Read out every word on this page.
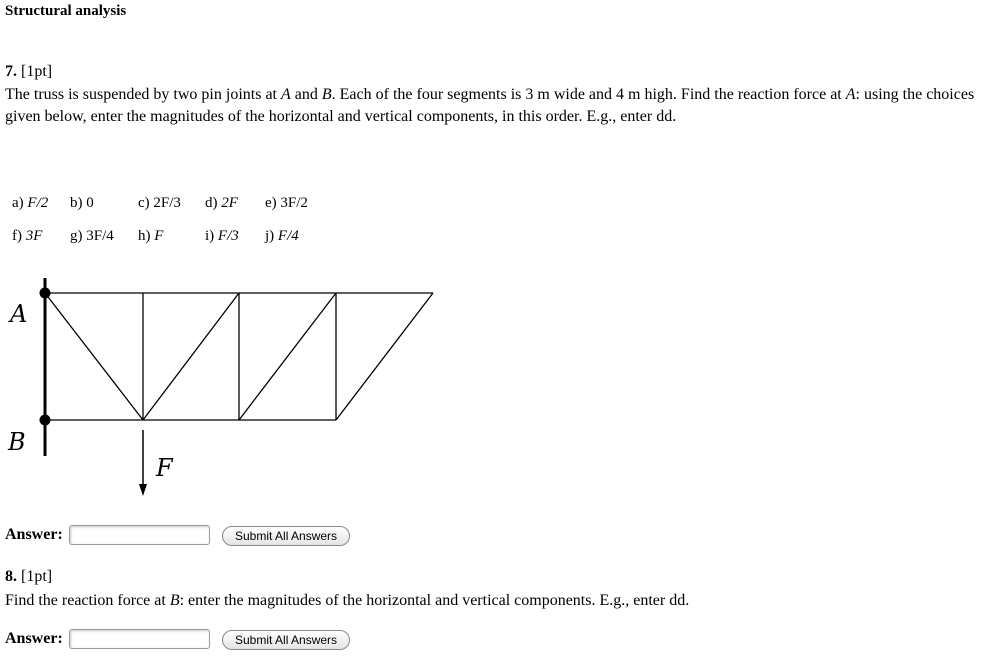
Structural analysis
7. [1pt]
The truss is suspended by two pin joints at A and B. Each of the four segments is 3 m wide and 4 m high. Find the reaction force at A: using the choices given below, enter the magnitudes of the horizontal and vertical components, in this order. E.g., enter dd.
a) F/2 b) 0	c) 2F/3 d) 2F e) 3F/2
f) 3F g) 3F/4 h) F	i) F/3 j) F/4
A
B
F
Answer:	Submit All Answers
8. [1pt]
Find the reaction force at B: enter the magnitudes of the horizontal and vertical components. E.g., enter dd.
Answer:	Submit All Answers
